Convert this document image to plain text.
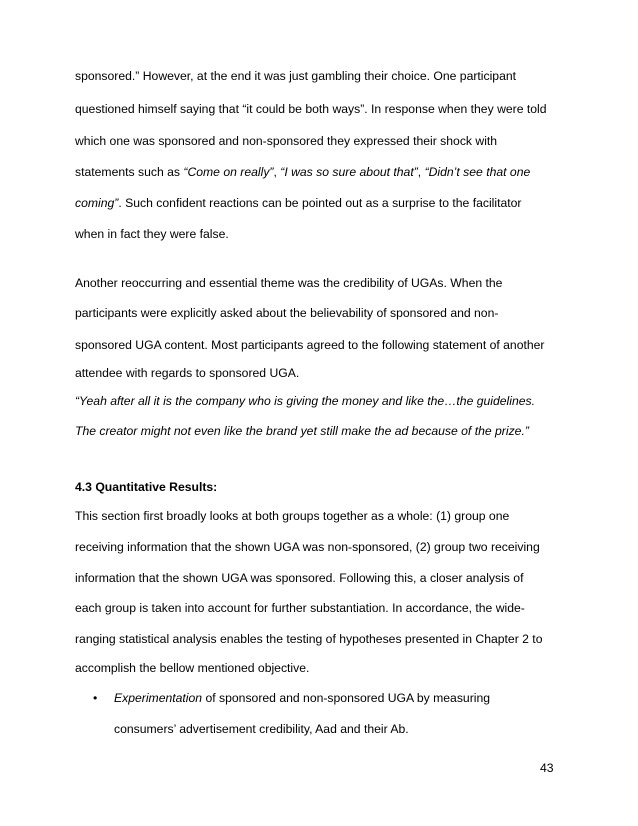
sponsored.” However, at the end it was just gambling their choice. One participant
questioned himself saying that “it could be both ways”. In response when they were told
which one was sponsored and non-sponsored they expressed their shock with
statements such as “Come on really”, “I was so sure about that”, “Didn’t see that one
coming”. Such confident reactions can be pointed out as a surprise to the facilitator
when in fact they were false.
Another reoccurring and essential theme was the credibility of UGAs. When the
participants were explicitly asked about the believability of sponsored and non-
sponsored UGA content. Most participants agreed to the following statement of another
attendee with regards to sponsored UGA.
“Yeah after all it is the company who is giving the money and like the…the guidelines.
The creator might not even like the brand yet still make the ad because of the prize.”
4.3 Quantitative Results:
This section first broadly looks at both groups together as a whole: (1) group one
receiving information that the shown UGA was non-sponsored, (2) group two receiving
information that the shown UGA was sponsored. Following this, a closer analysis of
each group is taken into account for further substantiation. In accordance, the wide-
ranging statistical analysis enables the testing of hypotheses presented in Chapter 2 to
accomplish the bellow mentioned objective.
• Experimentation of sponsored and non-sponsored UGA by measuring
consumers’ advertisement credibility, Aad and their Ab.
43
